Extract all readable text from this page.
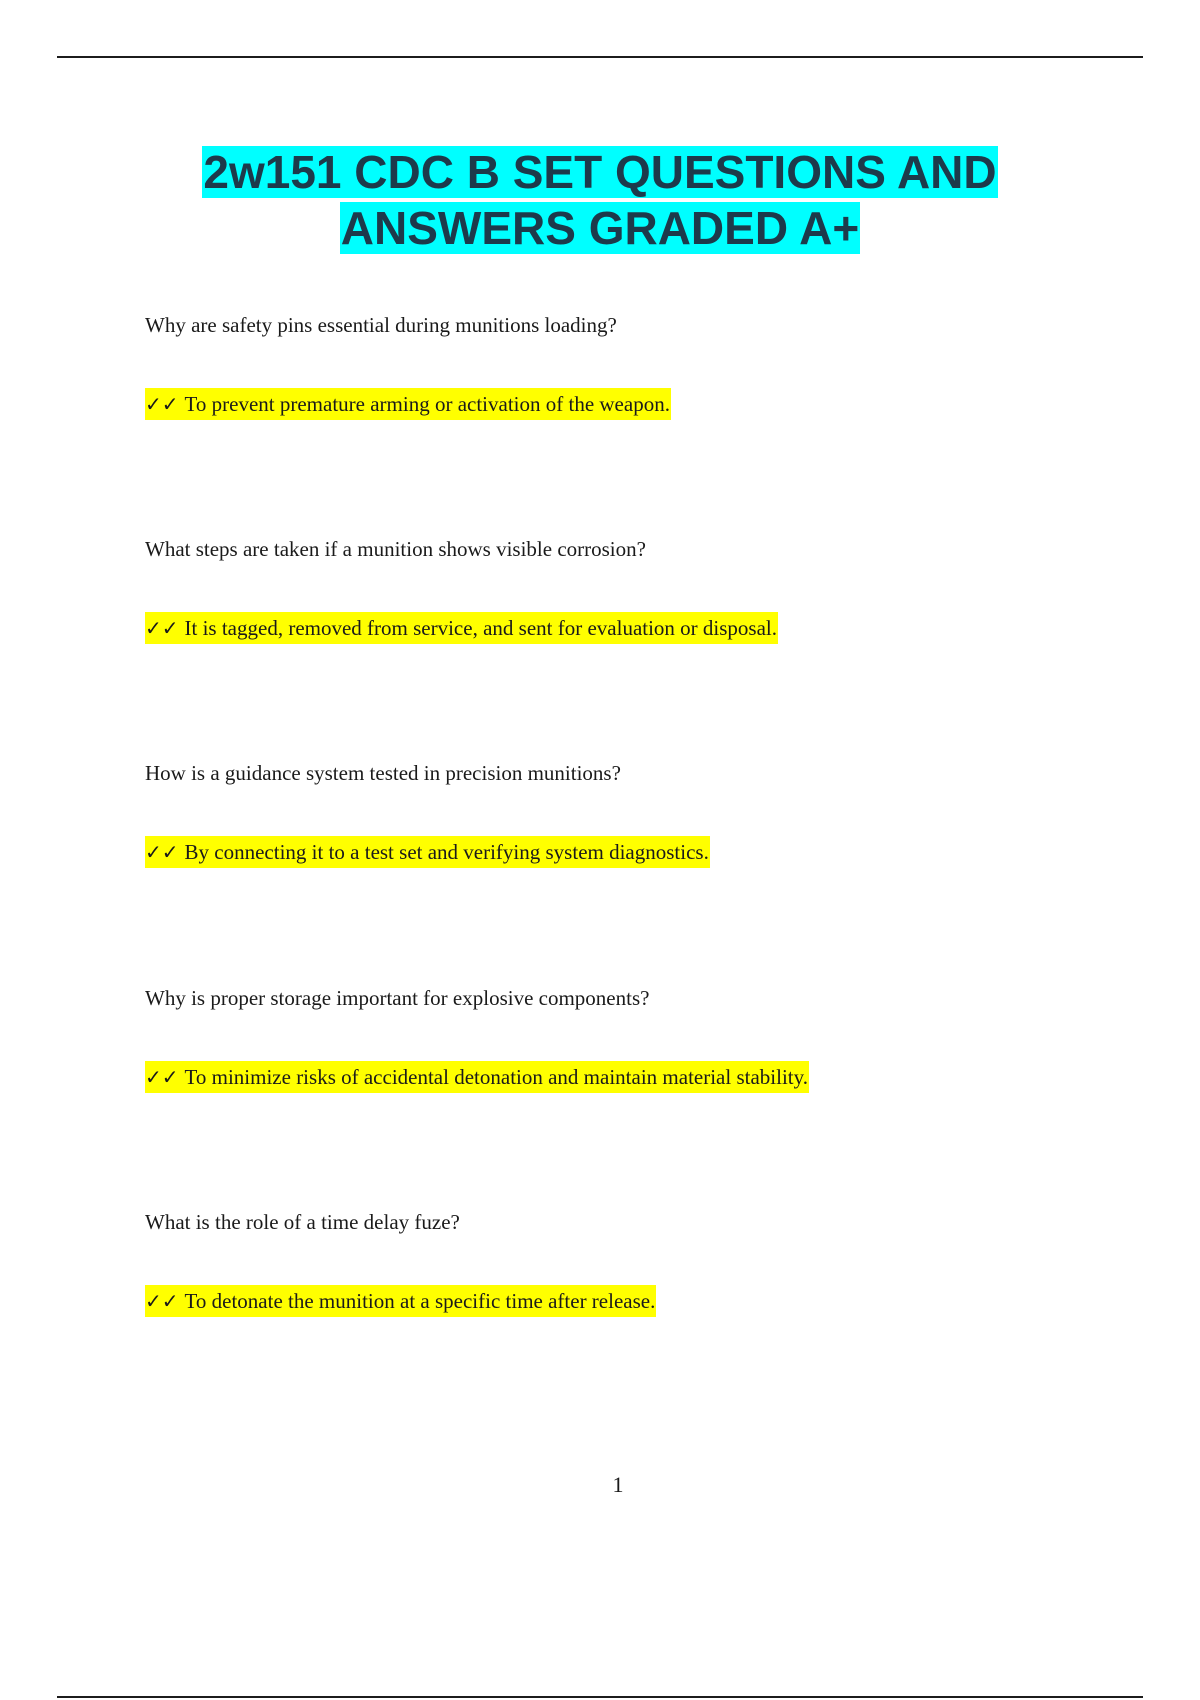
2w151 CDC B SET QUESTIONS AND ANSWERS GRADED A+

Why are safety pins essential during munitions loading?

✓✓ To prevent premature arming or activation of the weapon.

What steps are taken if a munition shows visible corrosion?

✓✓ It is tagged, removed from service, and sent for evaluation or disposal.

How is a guidance system tested in precision munitions?

✓✓ By connecting it to a test set and verifying system diagnostics.

Why is proper storage important for explosive components?

✓✓ To minimize risks of accidental detonation and maintain material stability.

What is the role of a time delay fuze?

✓✓ To detonate the munition at a specific time after release.

1
